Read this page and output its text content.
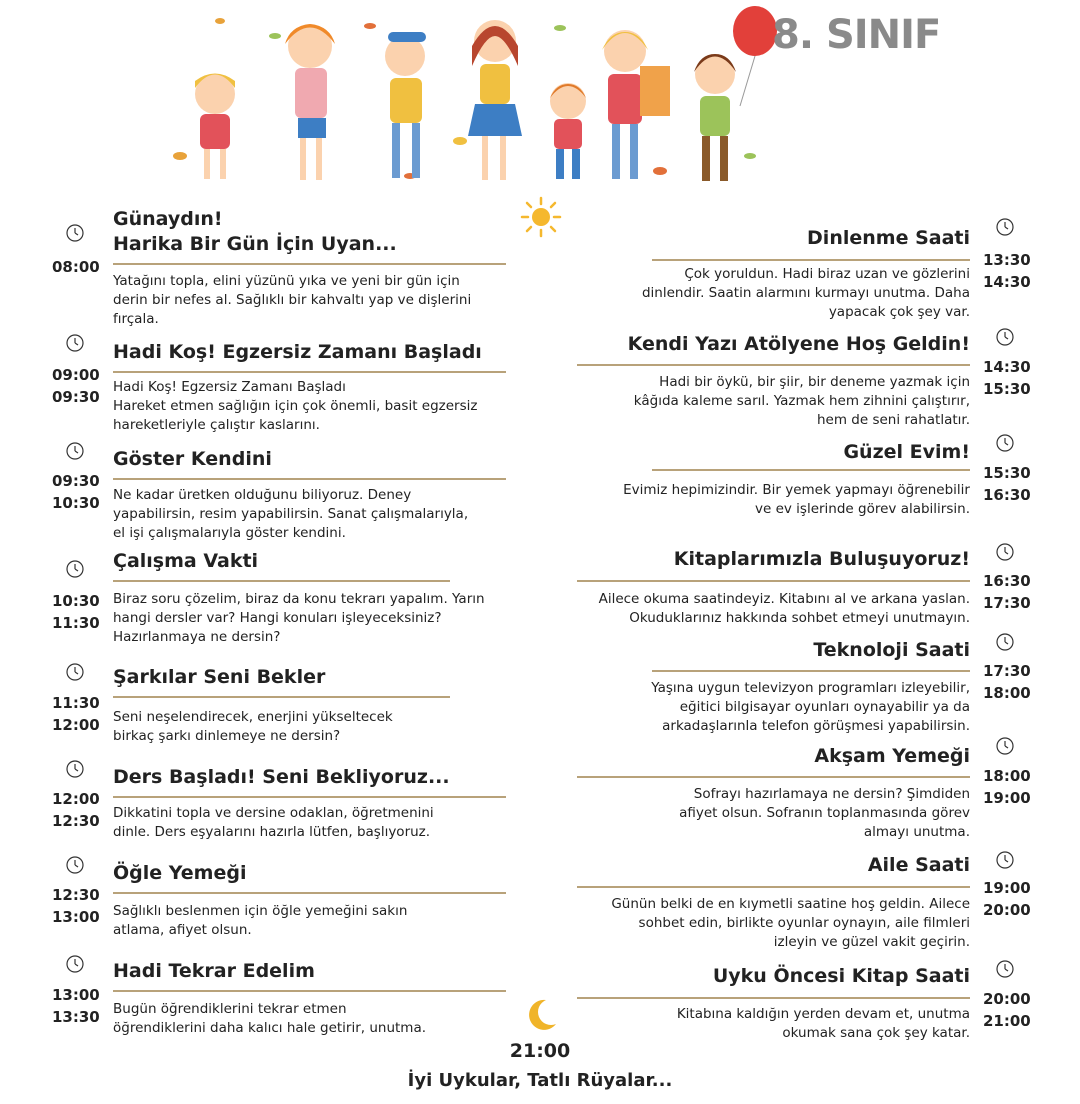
8. SINIF
Günaydın!
Harika Bir Gün İçin Uyan...
Yatağını topla, elini yüzünü yıka ve yeni bir gün için
derin bir nefes al. Sağlıklı bir kahvaltı yap ve dişlerini
fırçala.
08:00
Hadi Koş! Egzersiz Zamanı Başladı
Hadi Koş! Egzersiz Zamanı Başladı
Hareket etmen sağlığın için çok önemli, basit egzersiz
hareketleriyle çalıştır kaslarını.
09:00
09:30
Göster Kendini
Ne kadar üretken olduğunu biliyoruz. Deney
yapabilirsin, resim yapabilirsin. Sanat çalışmalarıyla,
el işi çalışmalarıyla göster kendini.
09:30
10:30
Çalışma Vakti
Biraz soru çözelim, biraz da konu tekrarı yapalım. Yarın
hangi dersler var? Hangi konuları işleyeceksiniz?
Hazırlanmaya ne dersin?
10:30
11:30
Şarkılar Seni Bekler
Seni neşelendirecek, enerjini yükseltecek
birkaç şarkı dinlemeye ne dersin?
11:30
12:00
Ders Başladı! Seni Bekliyoruz...
Dikkatini topla ve dersine odaklan, öğretmenini
dinle. Ders eşyalarını hazırla lütfen, başlıyoruz.
12:00
12:30
Öğle Yemeği
Sağlıklı beslenmen için öğle yemeğini sakın
atlama, afiyet olsun.
12:30
13:00
Hadi Tekrar Edelim
Bugün öğrendiklerini tekrar etmen
öğrendiklerini daha kalıcı hale getirir, unutma.
13:00
13:30
Dinlenme Saati
Çok yoruldun. Hadi biraz uzan ve gözlerini
dinlendir. Saatin alarmını kurmayı unutma. Daha
yapacak çok şey var.
13:30
14:30
Kendi Yazı Atölyene Hoş Geldin!
Hadi bir öykü, bir şiir, bir deneme yazmak için
kâğıda kaleme sarıl. Yazmak hem zihnini çalıştırır,
hem de seni rahatlatır.
14:30
15:30
Güzel Evim!
Evimiz hepimizindir. Bir yemek yapmayı öğrenebilir
ve ev işlerinde görev alabilirsin.
15:30
16:30
Kitaplarımızla Buluşuyoruz!
Ailece okuma saatindeyiz. Kitabını al ve arkana yaslan.
Okuduklarınız hakkında sohbet etmeyi unutmayın.
16:30
17:30
Teknoloji Saati
Yaşına uygun televizyon programları izleyebilir,
eğitici bilgisayar oyunları oynayabilir ya da
arkadaşlarınla telefon görüşmesi yapabilirsin.
17:30
18:00
Akşam Yemeği
Sofrayı hazırlamaya ne dersin? Şimdiden
afiyet olsun. Sofranın toplanmasında görev
almayı unutma.
18:00
19:00
Aile Saati
Günün belki de en kıymetli saatine hoş geldin. Ailece
sohbet edin, birlikte oyunlar oynayın, aile filmleri
izleyin ve güzel vakit geçirin.
19:00
20:00
Uyku Öncesi Kitap Saati
Kitabına kaldığın yerden devam et, unutma
okumak sana çok şey katar.
20:00
21:00
21:00
İyi Uykular, Tatlı Rüyalar...
